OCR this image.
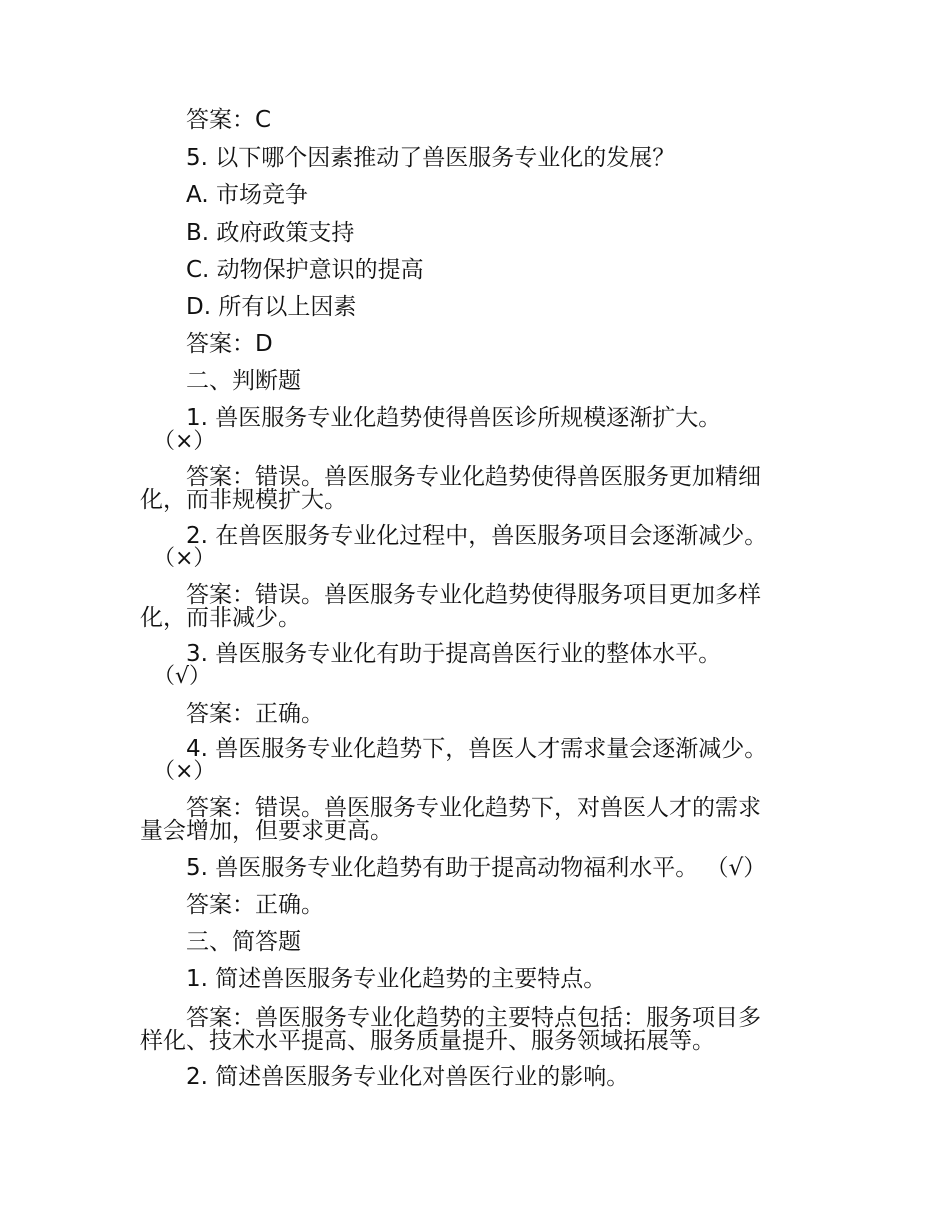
答案：C
5. 以下哪个因素推动了兽医服务专业化的发展？
A. 市场竞争
B. 政府政策支持
C. 动物保护意识的提高
D. 所有以上因素
答案：D
二、判断题
1. 兽医服务专业化趋势使得兽医诊所规模逐渐扩大。
（×）
答案：错误。兽医服务专业化趋势使得兽医服务更加精细
化，而非规模扩大。
2. 在兽医服务专业化过程中，兽医服务项目会逐渐减少。
（×）
答案：错误。兽医服务专业化趋势使得服务项目更加多样
化，而非减少。
3. 兽医服务专业化有助于提高兽医行业的整体水平。
（√）
答案：正确。
4. 兽医服务专业化趋势下，兽医人才需求量会逐渐减少。
（×）
答案：错误。兽医服务专业化趋势下，对兽医人才的需求
量会增加，但要求更高。
5. 兽医服务专业化趋势有助于提高动物福利水平。 （√）
答案：正确。
三、简答题
1. 简述兽医服务专业化趋势的主要特点。
答案：兽医服务专业化趋势的主要特点包括：服务项目多
样化、技术水平提高、服务质量提升、服务领域拓展等。
2. 简述兽医服务专业化对兽医行业的影响。
